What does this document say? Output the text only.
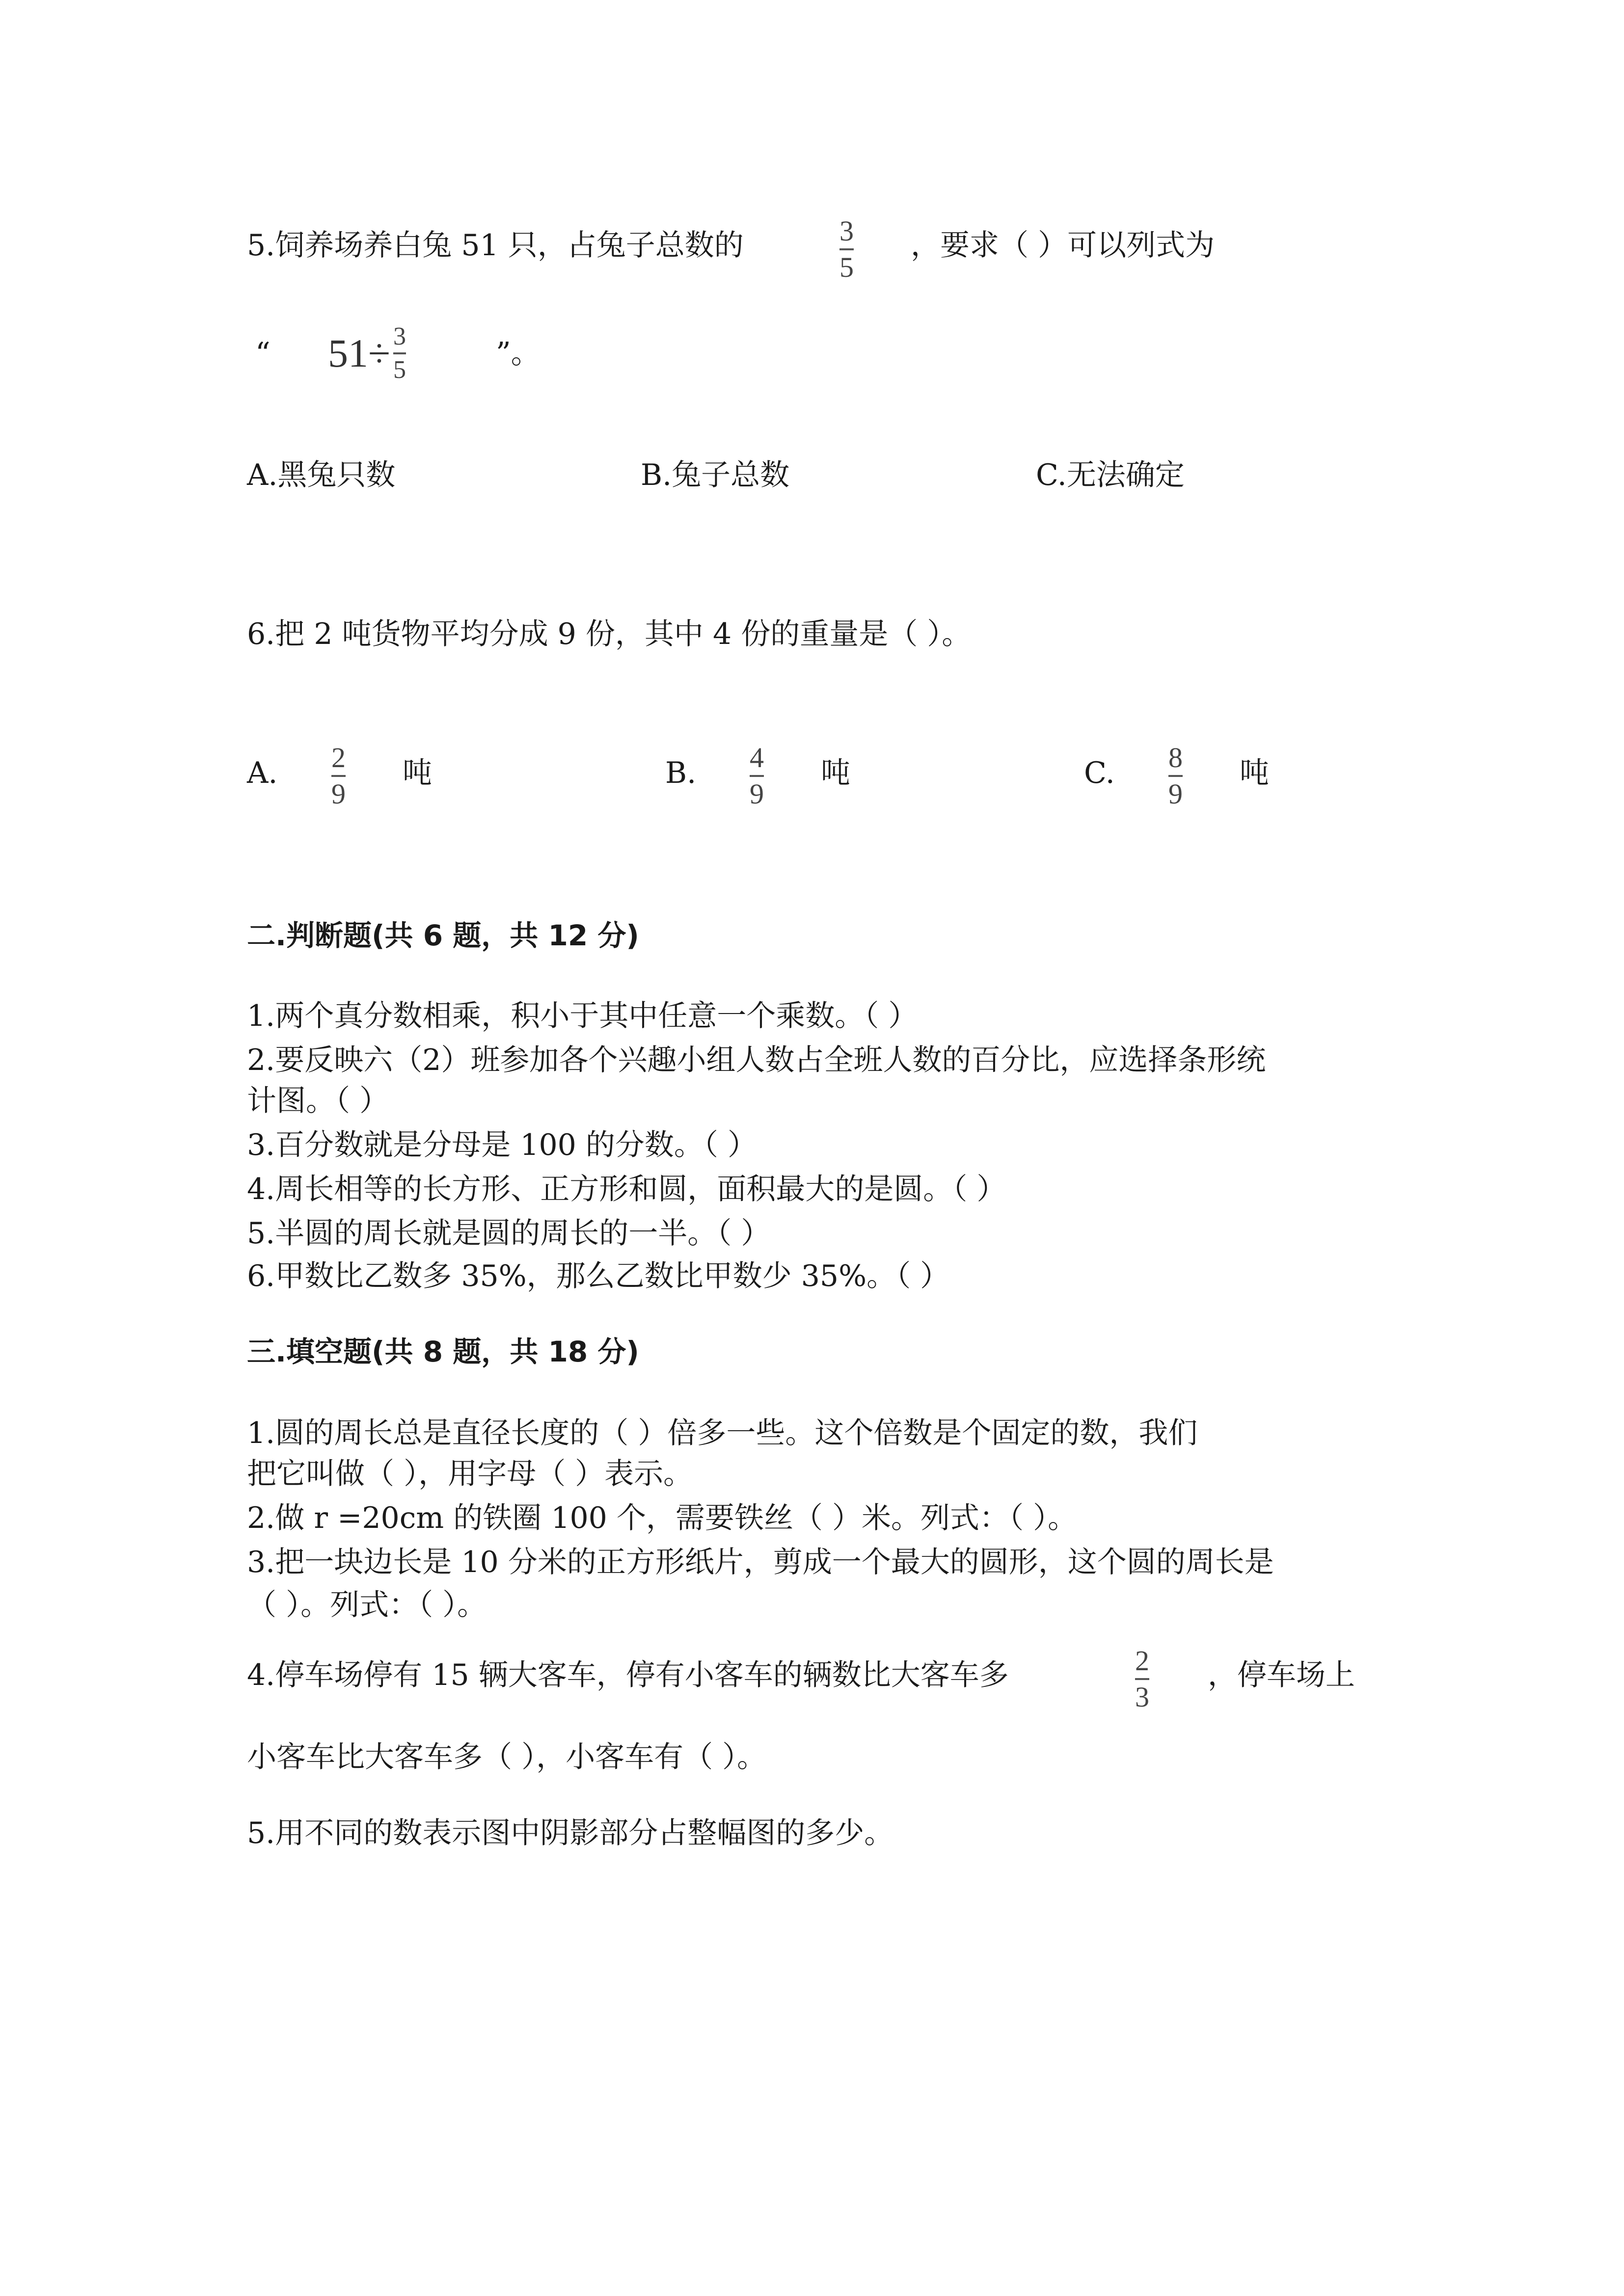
5.饲养场养白兔 51 只，占兔子总数的	3
5
，要求（ ）可以列式为
“ $51\div \frac{3}{5}$	”。
A.黑兔只数	B.兔子总数	C.无法确定
6.把 2 吨货物平均分成 9 份，其中 4 份的重量是（ ）。
A. 2
9
吨	B. 4
9
吨	C. 8
9
吨
二.判断题(共 6 题，共 12 分)
1.两个真分数相乘，积小于其中任意一个乘数。（ ）
2.要反映六（2）班参加各个兴趣小组人数占全班人数的百分比，应选择条形统
计图。（ ）
3.百分数就是分母是 100 的分数。（ ）
4.周长相等的长方形、正方形和圆，面积最大的是圆。（ ）
5.半圆的周长就是圆的周长的一半。（ ）
6.甲数比乙数多 35%，那么乙数比甲数少 35%。（ ）
三.填空题(共 8 题，共 18 分)
1.圆的周长总是直径长度的（ ）倍多一些。这个倍数是个固定的数，我们
把它叫做（ ），用字母（ ）表示。
2.做 r =20cm 的铁圈 100 个，需要铁丝（ ）米。列式：（ ）。
3.把一块边长是 10 分米的正方形纸片，剪成一个最大的圆形，这个圆的周长是
（ ）。列式：（ ）。
4.停车场停有 15 辆大客车，停有小客车的辆数比大客车多	2
3
，停车场上
小客车比大客车多（ ），小客车有（ ）。
5.用不同的数表示图中阴影部分占整幅图的多少。
